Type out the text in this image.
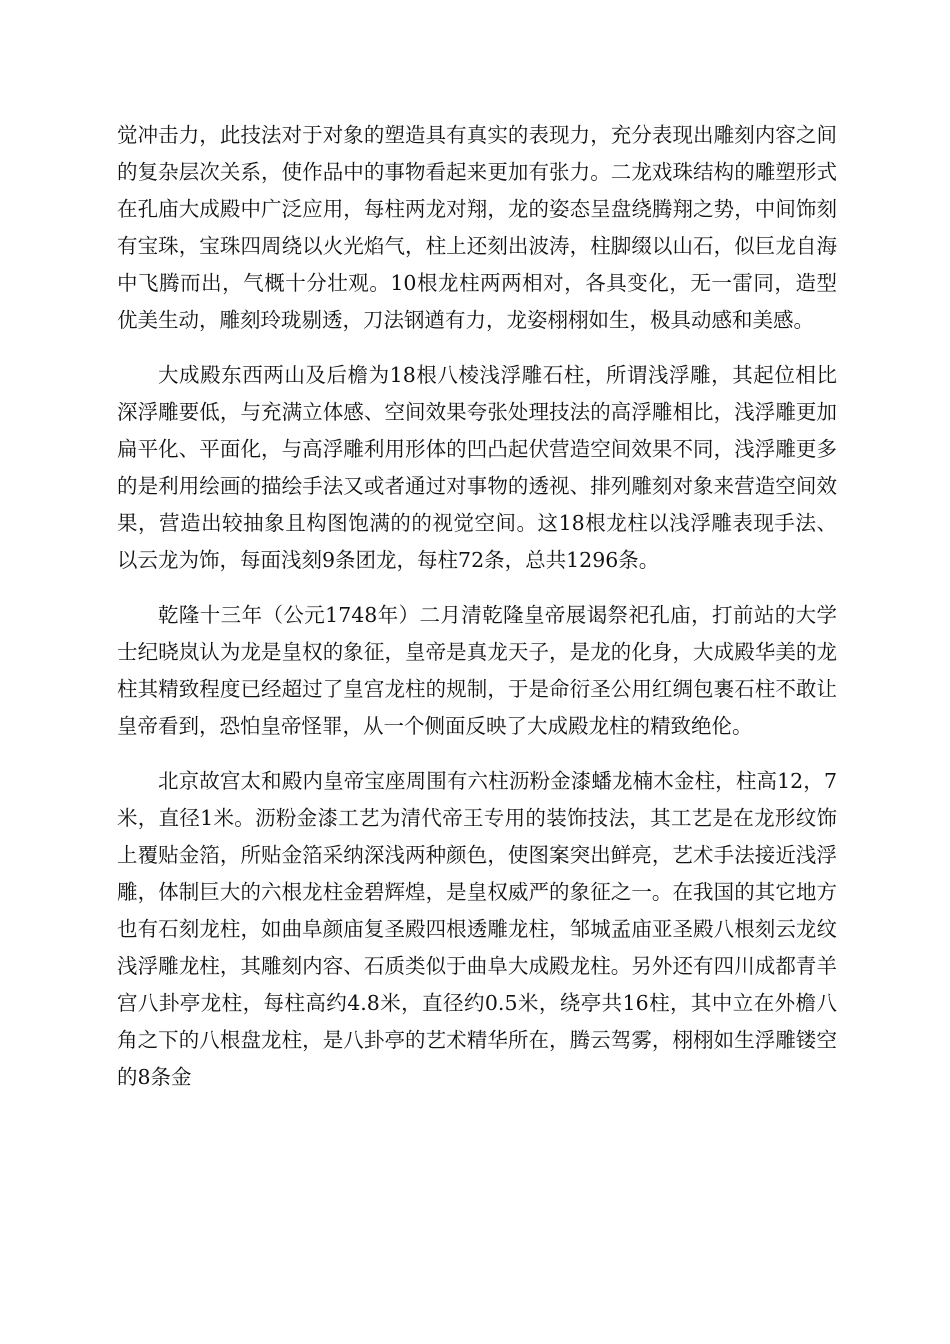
觉冲击力，此技法对于对象的塑造具有真实的表现力，充分表现出雕刻内容之间的复杂层次关系，使作品中的事物看起来更加有张力。二龙戏珠结构的雕塑形式在孔庙大成殿中广泛应用，每柱两龙对翔，龙的姿态呈盘绕腾翔之势，中间饰刻有宝珠，宝珠四周绕以火光焰气，柱上还刻出波涛，柱脚缀以山石，似巨龙自海中飞腾而出，气概十分壮观。10根龙柱两两相对，各具变化，无一雷同，造型优美生动，雕刻玲珑剔透，刀法钢遒有力，龙姿栩栩如生，极具动感和美感。

大成殿东西两山及后檐为18根八棱浅浮雕石柱，所谓浅浮雕，其起位相比深浮雕要低，与充满立体感、空间效果夸张处理技法的高浮雕相比，浅浮雕更加扁平化、平面化，与高浮雕利用形体的凹凸起伏营造空间效果不同，浅浮雕更多的是利用绘画的描绘手法又或者通过对事物的透视、排列雕刻对象来营造空间效果，营造出较抽象且构图饱满的的视觉空间。这18根龙柱以浅浮雕表现手法、以云龙为饰，每面浅刻9条团龙，每柱72条，总共1296条。

乾隆十三年（公元1748年）二月清乾隆皇帝展谒祭祀孔庙，打前站的大学士纪晓岚认为龙是皇权的象征，皇帝是真龙天子，是龙的化身，大成殿华美的龙柱其精致程度已经超过了皇宫龙柱的规制，于是命衍圣公用红绸包裹石柱不敢让皇帝看到，恐怕皇帝怪罪，从一个侧面反映了大成殿龙柱的精致绝伦。

北京故宫太和殿内皇帝宝座周围有六柱沥粉金漆蟠龙楠木金柱，柱高12，7米，直径1米。沥粉金漆工艺为清代帝王专用的装饰技法，其工艺是在龙形纹饰上覆贴金箔，所贴金箔采纳深浅两种颜色，使图案突出鲜亮，艺术手法接近浅浮雕，体制巨大的六根龙柱金碧辉煌，是皇权威严的象征之一。在我国的其它地方也有石刻龙柱，如曲阜颜庙复圣殿四根透雕龙柱，邹城孟庙亚圣殿八根刻云龙纹浅浮雕龙柱，其雕刻内容、石质类似于曲阜大成殿龙柱。另外还有四川成都青羊宫八卦亭龙柱，每柱高约4.8米，直径约0.5米，绕亭共16柱，其中立在外檐八角之下的八根盘龙柱，是八卦亭的艺术精华所在，腾云驾雾，栩栩如生浮雕镂空的8条金
